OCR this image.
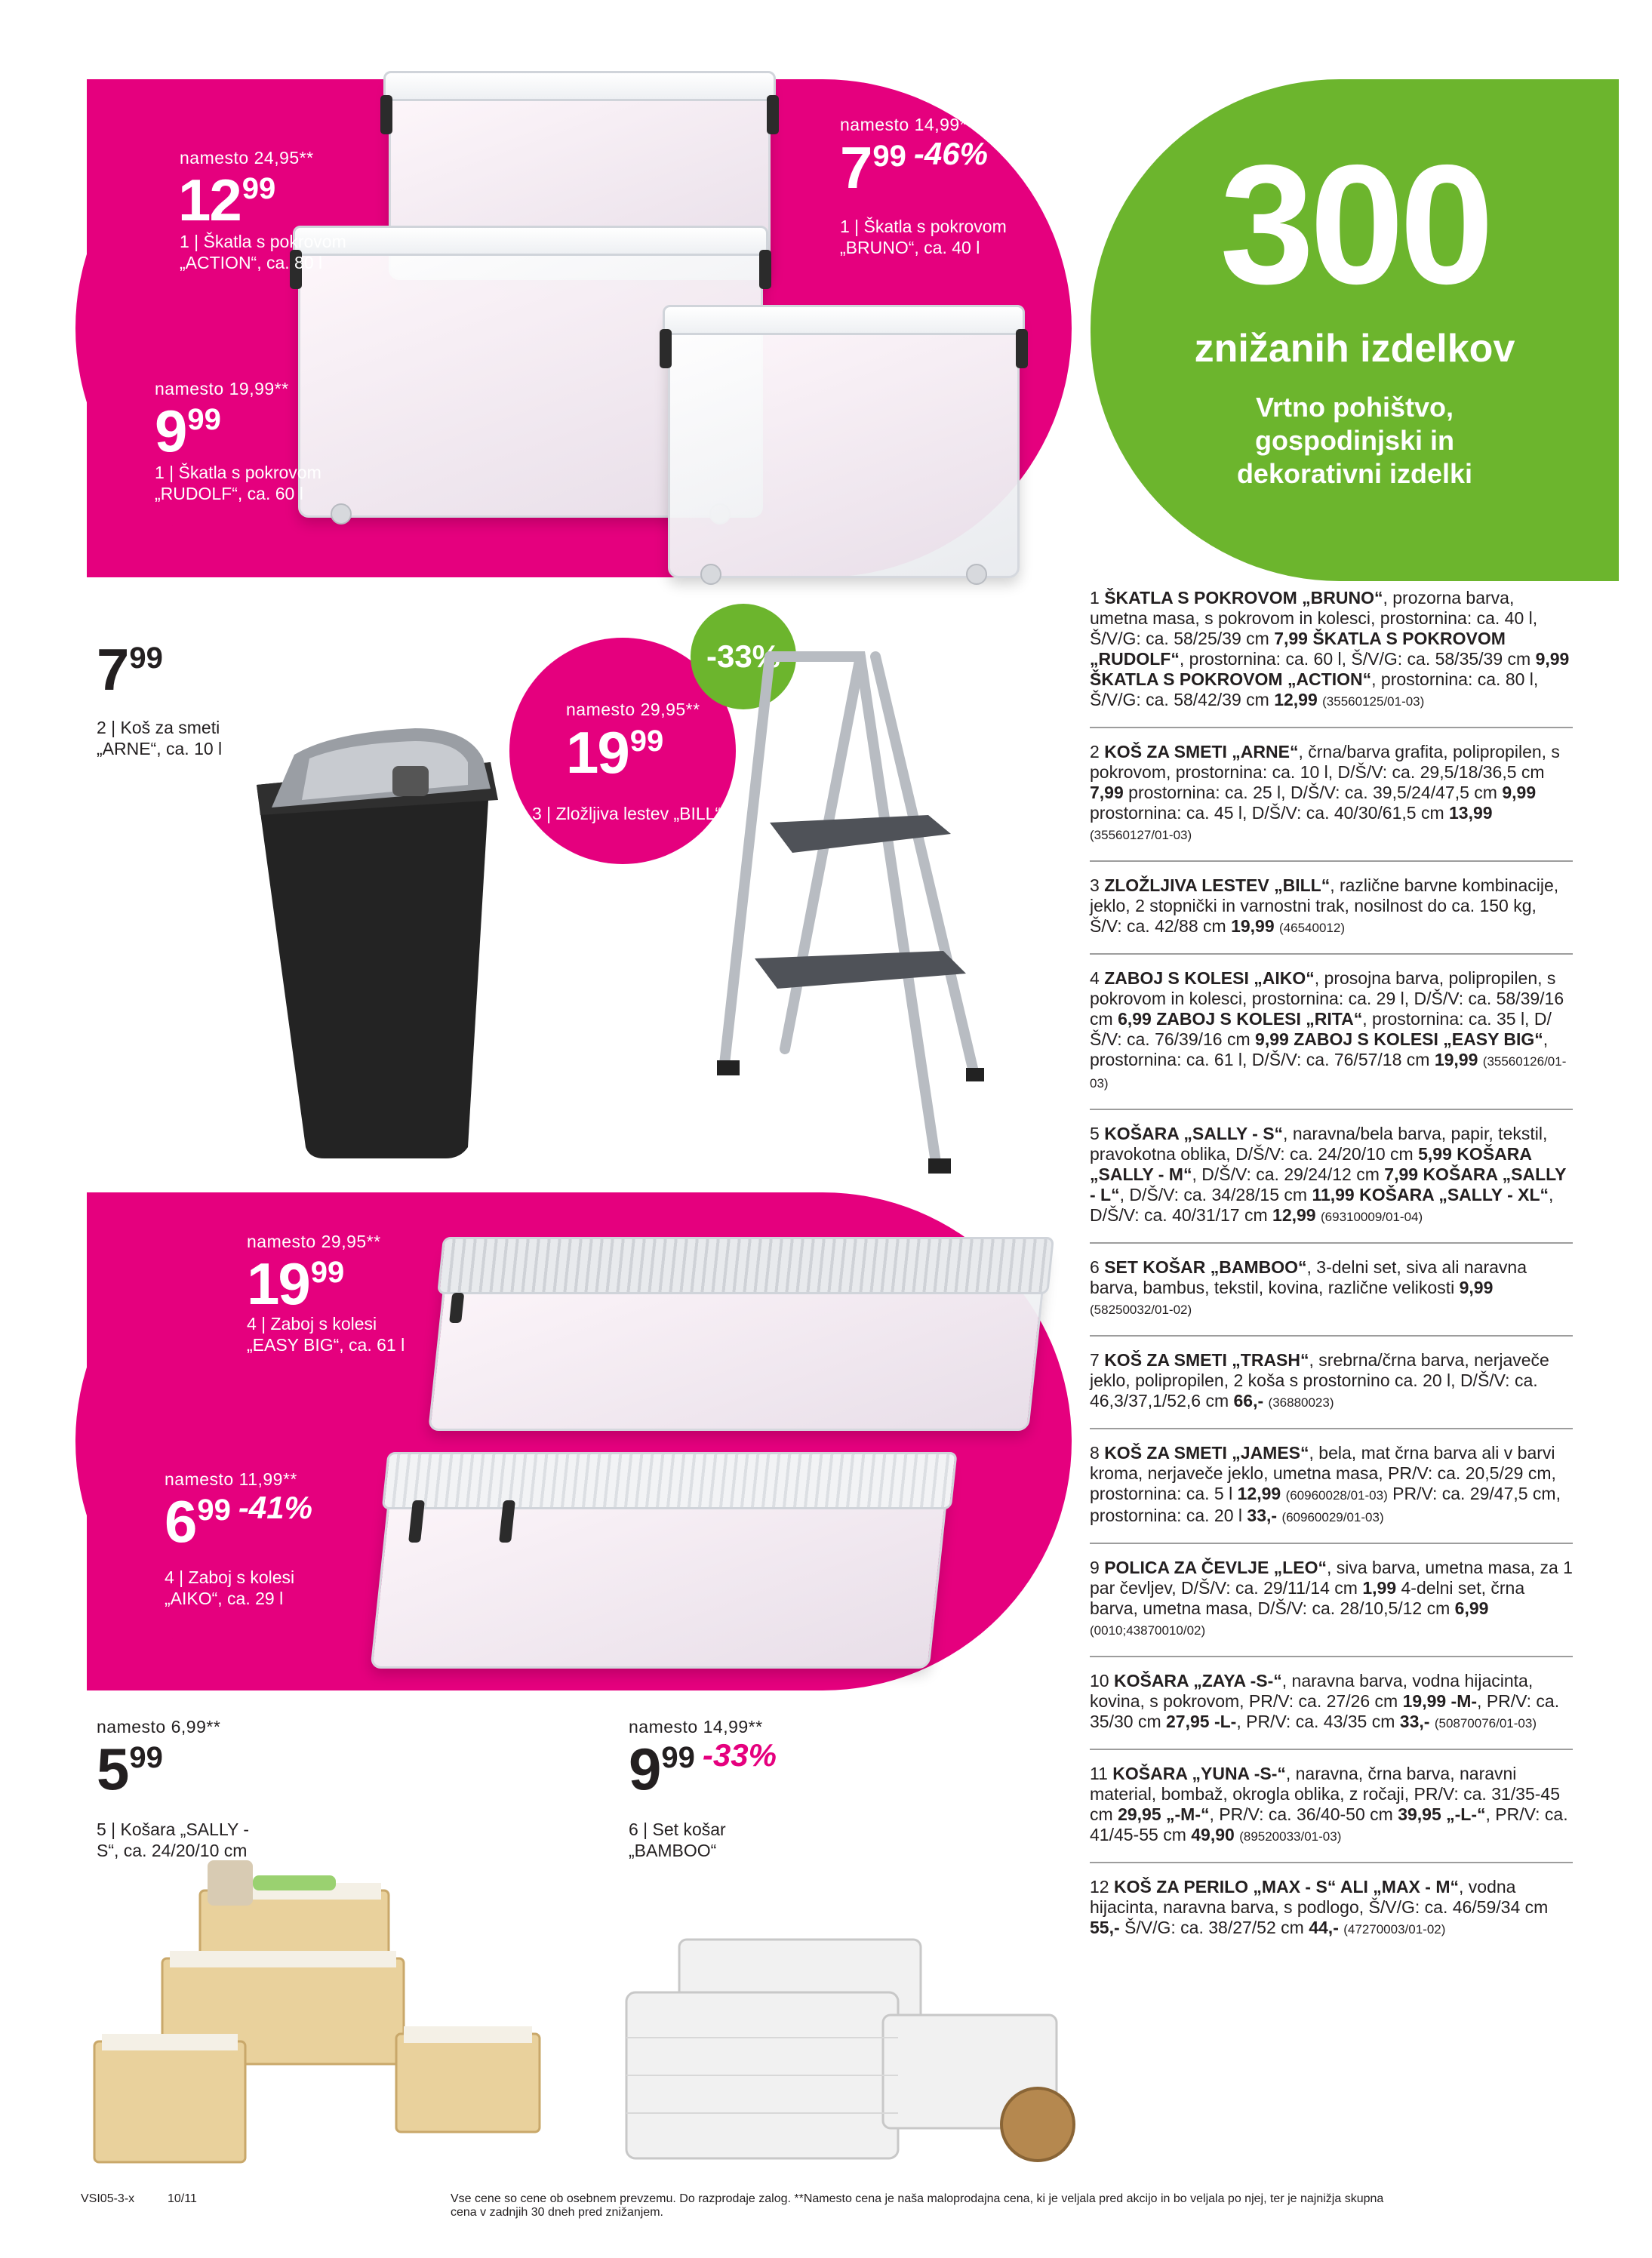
300
znižanih izdelkov
Vrtno pohištvo,
gospodinjski in
dekorativni izdelki
namesto 24,95**
1299
1 | Škatla s pokrovom
„ACTION“, ca. 80 l
namesto 14,99**
799 -46%
1 | Škatla s pokrovom
„BRUNO“, ca. 40 l
namesto 19,99**
999
1 | Škatla s pokrovom
„RUDOLF“, ca. 60 l
799
2 | Koš za smeti
„ARNE“, ca. 10 l
-33%
namesto 29,95**
1999
3 | Zložljiva lestev „BILL“
namesto 29,95**
1999
4 | Zaboj s kolesi
„EASY BIG“, ca. 61 l
namesto 11,99**
699 -41%
4 | Zaboj s kolesi
„AIKO“, ca. 29 l
namesto 6,99**
599
5 | Košara „SALLY -
S“, ca. 24/20/10 cm
namesto 14,99**
999 -33%
6 | Set košar
„BAMBOO“
1 ŠKATLA S POKROVOM „BRUNO“, prozorna barva, umetna masa, s pokrovom in kolesci, prostornina: ca. 40 l, Š/V/G: ca. 58/25/39 cm 7,99 ŠKATLA S POKROVOM „RUDOLF“, prostornina: ca. 60 l, Š/V/G: ca. 58/35/39 cm 9,99 ŠKATLA S POKROVOM „ACTION“, prostornina: ca. 80 l, Š/V/G: ca. 58/42/39 cm 12,99 (35560125/01-03)
2 KOŠ ZA SMETI „ARNE“, črna/barva grafita, polipropilen, s pokrovom, prostornina: ca. 10 l, D/Š/V: ca. 29,5/18/36,5 cm 7,99 prostornina: ca. 25 l, D/Š/V: ca. 39,5/24/47,5 cm 9,99 prostornina: ca. 45 l, D/Š/V: ca. 40/30/61,5 cm 13,99 (35560127/01-03)
3 ZLOŽLJIVA LESTEV „BILL“, različne barvne kombinacije, jeklo, 2 stopnički in varnostni trak, nosilnost do ca. 150 kg, Š/V: ca. 42/88 cm 19,99 (46540012)
4 ZABOJ S KOLESI „AIKO“, prosojna barva, polipropilen, s pokrovom in kolesci, prostornina: ca. 29 l, D/Š/V: ca. 58/39/16 cm 6,99 ZABOJ S KOLESI „RITA“, prostornina: ca. 35 l, D/Š/V: ca. 76/39/16 cm 9,99 ZABOJ S KOLESI „EASY BIG“, prostornina: ca. 61 l, D/Š/V: ca. 76/57/18 cm 19,99 (35560126/01-03)
5 KOŠARA „SALLY - S“, naravna/bela barva, papir, tekstil, pravokotna oblika, D/Š/V: ca. 24/20/10 cm 5,99 KOŠARA „SALLY - M“, D/Š/V: ca. 29/24/12 cm 7,99 KOŠARA „SALLY - L“, D/Š/V: ca. 34/28/15 cm 11,99 KOŠARA „SALLY - XL“, D/Š/V: ca. 40/31/17 cm 12,99 (69310009/01-04)
6 SET KOŠAR „BAMBOO“, 3-delni set, siva ali naravna barva, bambus, tekstil, kovina, različne velikosti 9,99 (58250032/01-02)
7 KOŠ ZA SMETI „TRASH“, srebrna/črna barva, nerjaveče jeklo, polipropilen, 2 koša s prostornino ca. 20 l, D/Š/V: ca. 46,3/37,1/52,6 cm 66,- (36880023)
8 KOŠ ZA SMETI „JAMES“, bela, mat črna barva ali v barvi kroma, nerjaveče jeklo, umetna masa, PR/V: ca. 20,5/29 cm, prostornina: ca. 5 l 12,99 (60960028/01-03) PR/V: ca. 29/47,5 cm, prostornina: ca. 20 l 33,- (60960029/01-03)
9 POLICA ZA ČEVLJE „LEO“, siva barva, umetna masa, za 1 par čevljev, D/Š/V: ca. 29/11/14 cm 1,99 4-delni set, črna barva, umetna masa, D/Š/V: ca. 28/10,5/12 cm 6,99 (0010;43870010/02)
10 KOŠARA „ZAYA -S-“, naravna barva, vodna hijacinta, kovina, s pokrovom, PR/V: ca. 27/26 cm 19,99 -M-, PR/V: ca. 35/30 cm 27,95 -L-, PR/V: ca. 43/35 cm 33,- (50870076/01-03)
11 KOŠARA „YUNA -S-“, naravna, črna barva, naravni material, bombaž, okrogla oblika, z ročaji, PR/V: ca. 31/35-45 cm 29,95 „-M-“, PR/V: ca. 36/40-50 cm 39,95 „-L-“, PR/V: ca. 41/45-55 cm 49,90 (89520033/01-03)
12 KOŠ ZA PERILO „MAX - S“ ALI „MAX - M“, vodna hijacinta, naravna barva, s podlogo, Š/V/G: ca. 46/59/34 cm 55,- Š/V/G: ca. 38/27/52 cm 44,- (47270003/01-02)
VSI05-3-x	10/11	Vse cene so cene ob osebnem prevzemu. Do razprodaje zalog. **Namesto cena je naša maloprodajna cena, ki je veljala pred akcijo in bo veljala po njej, ter je najnižja skupna
cena v zadnjih 30 dneh pred znižanjem.
